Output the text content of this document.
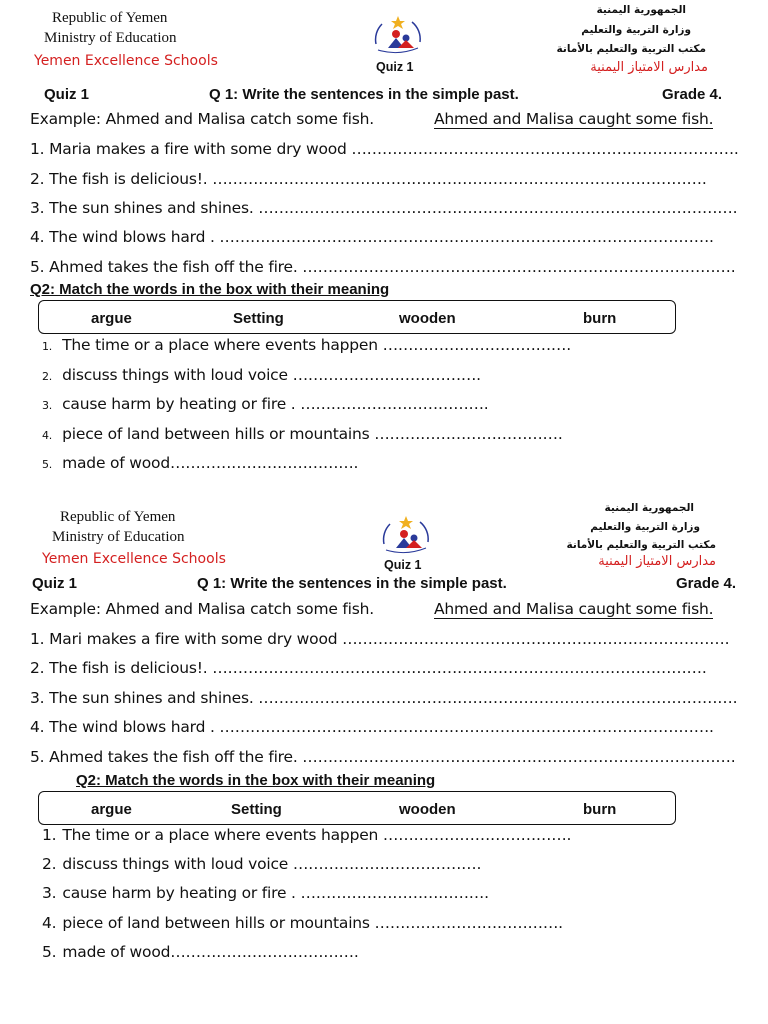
Republic of Yemen
Ministry of Education
Yemen Excellence Schools	Quiz 1
الجمهورية اليمنية
وزارة التربية والتعليم
مكتب التربية والتعليم بالأمانة
مدارس الامتياز اليمنية
Quiz 1	Q 1: Write the sentences in the simple past.	Grade 4.
Example: Ahmed and Malisa catch some fish.	Ahmed and Malisa caught some fish.
1. Maria makes a fire with some dry wood ………………………………………………………………….
2. The fish is delicious!. …………………………………………………………………………………….
3. The sun shines and shines. ………………………………………………………………………………….
4. The wind blows hard . …………………………………………………………………………………….
5. Ahmed takes the fish off the fire. ………………………………………………………………………….
Q2: Match the words in the box with their meaning
argue	Setting	wooden	burn
1. The time or a place where events happen ……………………………….
2. discuss things with loud voice ……………………………….
3. cause harm by heating or fire . ……………………………….
4. piece of land between hills or mountains ……………………………….
5. made of wood……………………………….
Republic of Yemen
Ministry of Education
Yemen Excellence Schools	Quiz 1
الجمهورية اليمنية
وزارة التربية والتعليم
مكتب التربية والتعليم بالأمانة
مدارس الامتياز اليمنية
Quiz 1	Q 1: Write the sentences in the simple past.	Grade 4.
Example: Ahmed and Malisa catch some fish.	Ahmed and Malisa caught some fish.
1. Mari makes a fire with some dry wood ………………………………………………………………….
2. The fish is delicious!. …………………………………………………………………………………….
3. The sun shines and shines. ………………………………………………………………………………….
4. The wind blows hard . …………………………………………………………………………………….
5. Ahmed takes the fish off the fire. ………………………………………………………………………….
Q2: Match the words in the box with their meaning
argue	Setting	wooden	burn
1. The time or a place where events happen ……………………………….
2. discuss things with loud voice ……………………………….
3. cause harm by heating or fire . ……………………………….
4. piece of land between hills or mountains ……………………………….
5. made of wood……………………………….
